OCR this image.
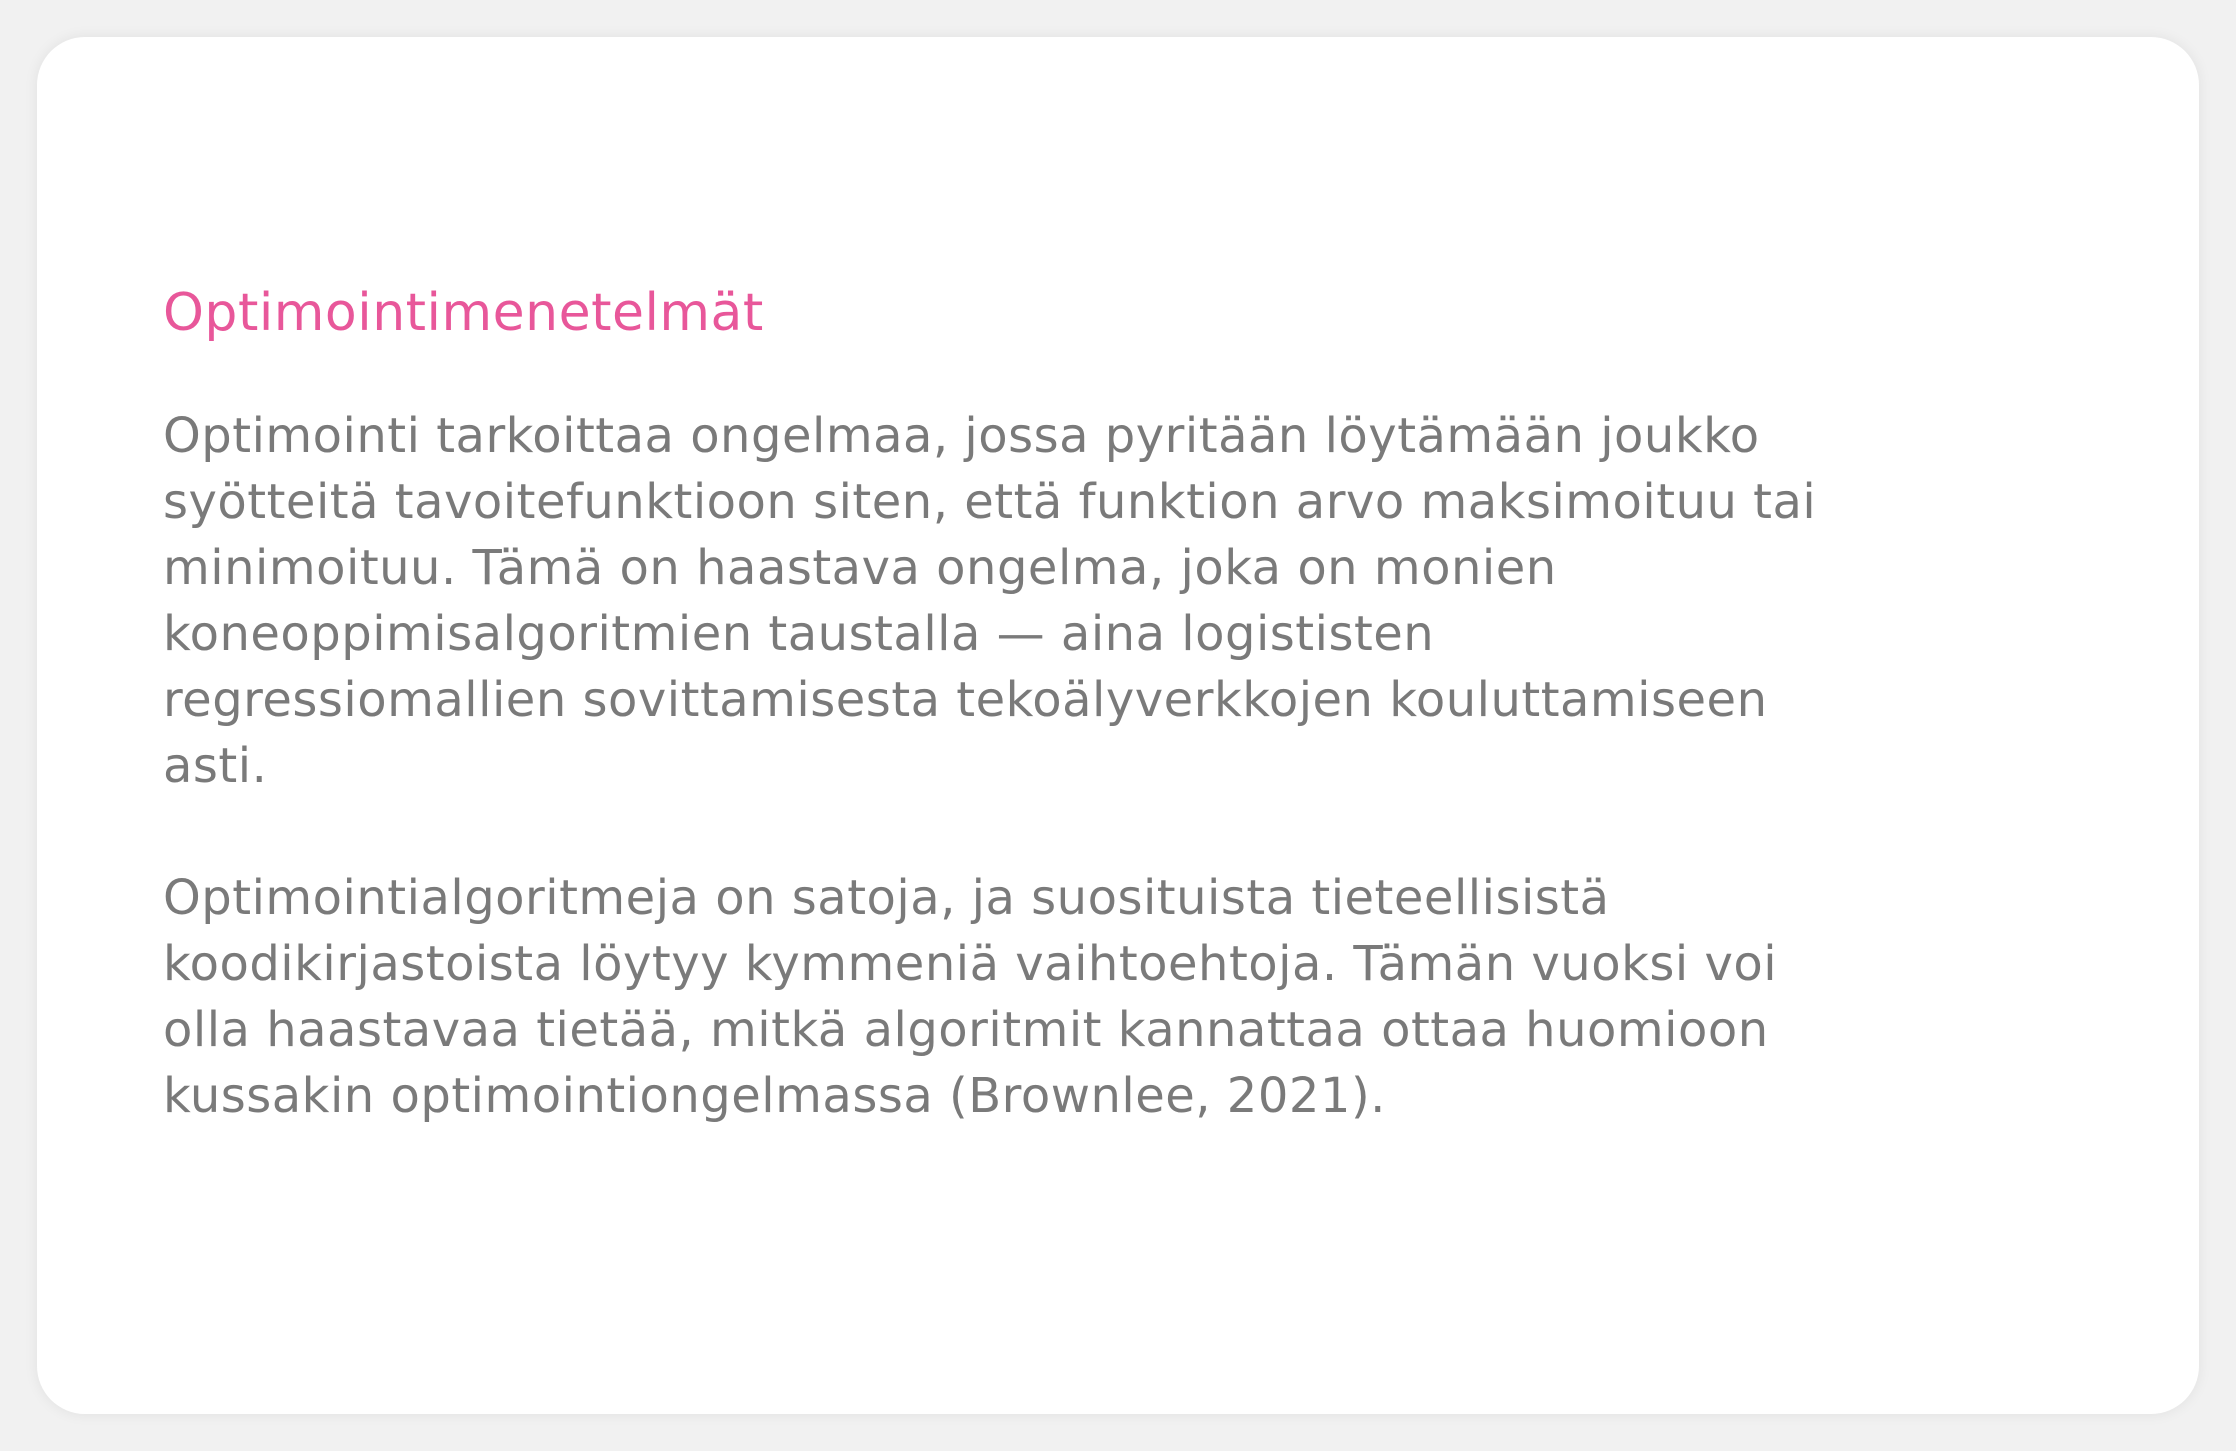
Optimointimenetelmät

Optimointi tarkoittaa ongelmaa, jossa pyritään löytämään joukko
syötteitä tavoitefunktioon siten, että funktion arvo maksimoituu tai
minimoituu. Tämä on haastava ongelma, joka on monien
koneoppimisalgoritmien taustalla — aina logististen
regressiomallien sovittamisesta tekoälyverkkojen kouluttamiseen
asti.

Optimointialgoritmeja on satoja, ja suosituista tieteellisistä
koodikirjastoista löytyy kymmeniä vaihtoehtoja. Tämän vuoksi voi
olla haastavaa tietää, mitkä algoritmit kannattaa ottaa huomioon
kussakin optimointiongelmassa (Brownlee, 2021).
